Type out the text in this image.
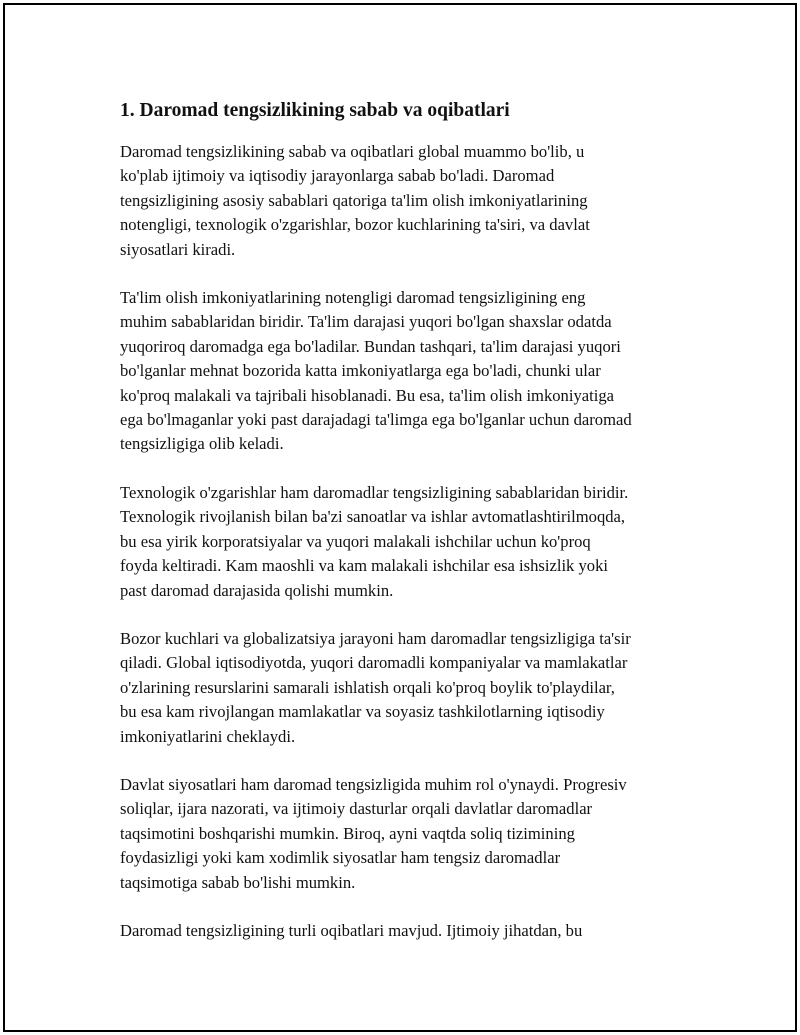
1. Daromad tengsizlikining sabab va oqibatlari

Daromad tengsizlikining sabab va oqibatlari global muammo bo'lib, u
ko'plab ijtimoiy va iqtisodiy jarayonlarga sabab bo'ladi. Daromad
tengsizligining asosiy sabablari qatoriga ta'lim olish imkoniyatlarining
notengligi, texnologik o'zgarishlar, bozor kuchlarining ta'siri, va davlat
siyosatlari kiradi.

Ta'lim olish imkoniyatlarining notengligi daromad tengsizligining eng
muhim sabablaridan biridir. Ta'lim darajasi yuqori bo'lgan shaxslar odatda
yuqoriroq daromadga ega bo'ladilar. Bundan tashqari, ta'lim darajasi yuqori
bo'lganlar mehnat bozorida katta imkoniyatlarga ega bo'ladi, chunki ular
ko'proq malakali va tajribali hisoblanadi. Bu esa, ta'lim olish imkoniyatiga
ega bo'lmaganlar yoki past darajadagi ta'limga ega bo'lganlar uchun daromad
tengsizligiga olib keladi.

Texnologik o'zgarishlar ham daromadlar tengsizligining sabablaridan biridir.
Texnologik rivojlanish bilan ba'zi sanoatlar va ishlar avtomatlashtirilmoqda,
bu esa yirik korporatsiyalar va yuqori malakali ishchilar uchun ko'proq
foyda keltiradi. Kam maoshli va kam malakali ishchilar esa ishsizlik yoki
past daromad darajasida qolishi mumkin.

Bozor kuchlari va globalizatsiya jarayoni ham daromadlar tengsizligiga ta'sir
qiladi. Global iqtisodiyotda, yuqori daromadli kompaniyalar va mamlakatlar
o'zlarining resurslarini samarali ishlatish orqali ko'proq boylik to'playdilar,
bu esa kam rivojlangan mamlakatlar va soyasiz tashkilotlarning iqtisodiy
imkoniyatlarini cheklaydi.

Davlat siyosatlari ham daromad tengsizligida muhim rol o'ynaydi. Progresiv
soliqlar, ijara nazorati, va ijtimoiy dasturlar orqali davlatlar daromadlar
taqsimotini boshqarishi mumkin. Biroq, ayni vaqtda soliq tizimining
foydasizligi yoki kam xodimlik siyosatlar ham tengsiz daromadlar
taqsimotiga sabab bo'lishi mumkin.

Daromad tengsizligining turli oqibatlari mavjud. Ijtimoiy jihatdan, bu
